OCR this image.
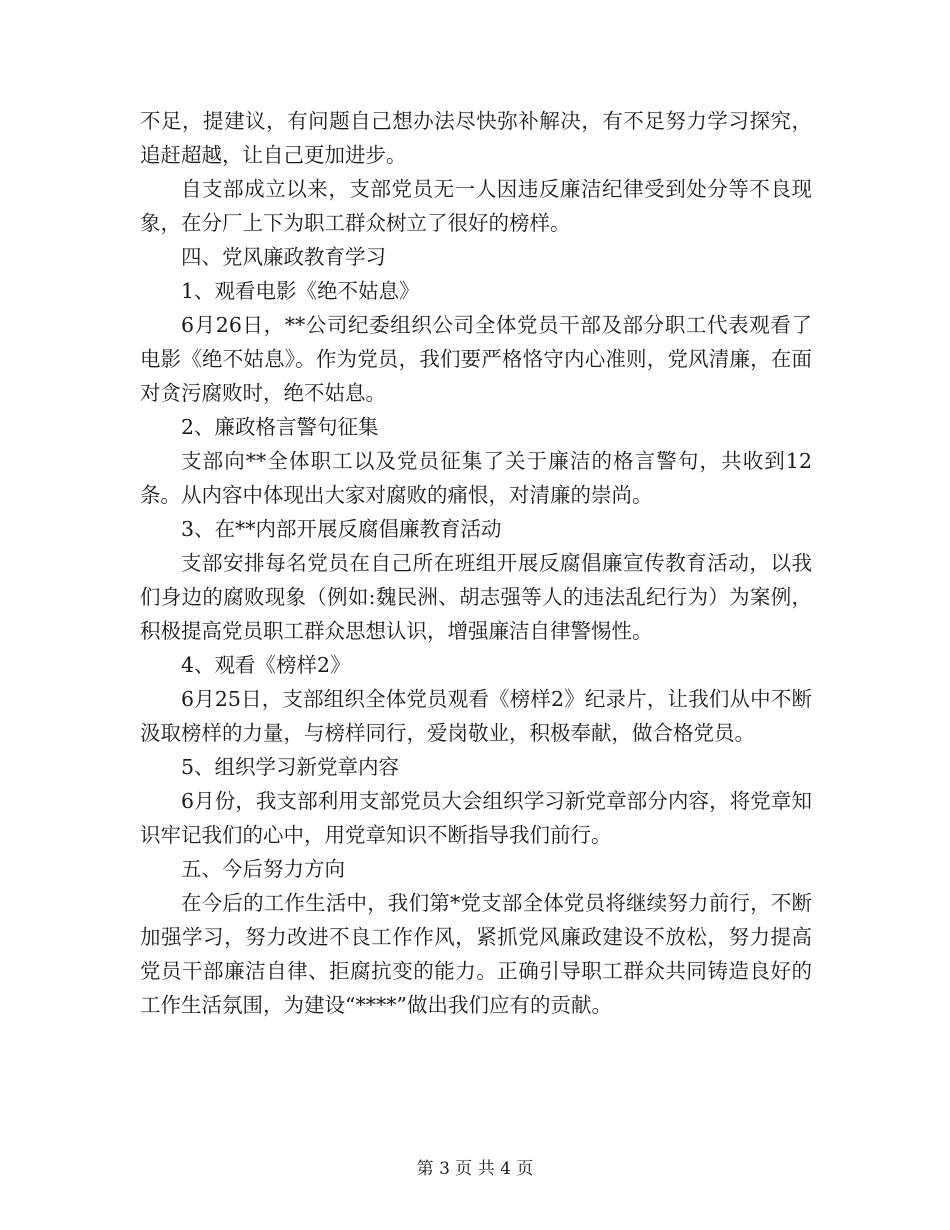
不足，提建议，有问题自己想办法尽快弥补解决，有不足努力学习探究，追赶超越，让自己更加进步。

自支部成立以来，支部党员无一人因违反廉洁纪律受到处分等不良现象，在分厂上下为职工群众树立了很好的榜样。

四、党风廉政教育学习

1、观看电影《绝不姑息》

6月26日，**公司纪委组织公司全体党员干部及部分职工代表观看了电影《绝不姑息》。作为党员，我们要严格恪守内心准则，党风清廉，在面对贪污腐败时，绝不姑息。

2、廉政格言警句征集

支部向**全体职工以及党员征集了关于廉洁的格言警句，共收到12条。从内容中体现出大家对腐败的痛恨，对清廉的崇尚。

3、在**内部开展反腐倡廉教育活动

支部安排每名党员在自己所在班组开展反腐倡廉宣传教育活动，以我们身边的腐败现象（例如:魏民洲、胡志强等人的违法乱纪行为）为案例，积极提高党员职工群众思想认识，增强廉洁自律警惕性。

4、观看《榜样2》

6月25日，支部组织全体党员观看《榜样2》纪录片，让我们从中不断汲取榜样的力量，与榜样同行，爱岗敬业，积极奉献，做合格党员。

5、组织学习新党章内容

6月份，我支部利用支部党员大会组织学习新党章部分内容，将党章知识牢记我们的心中，用党章知识不断指导我们前行。

五、今后努力方向

在今后的工作生活中，我们第*党支部全体党员将继续努力前行，不断加强学习，努力改进不良工作作风，紧抓党风廉政建设不放松，努力提高党员干部廉洁自律、拒腐抗变的能力。正确引导职工群众共同铸造良好的工作生活氛围，为建设“****”做出我们应有的贡献。

第 3 页 共 4 页
